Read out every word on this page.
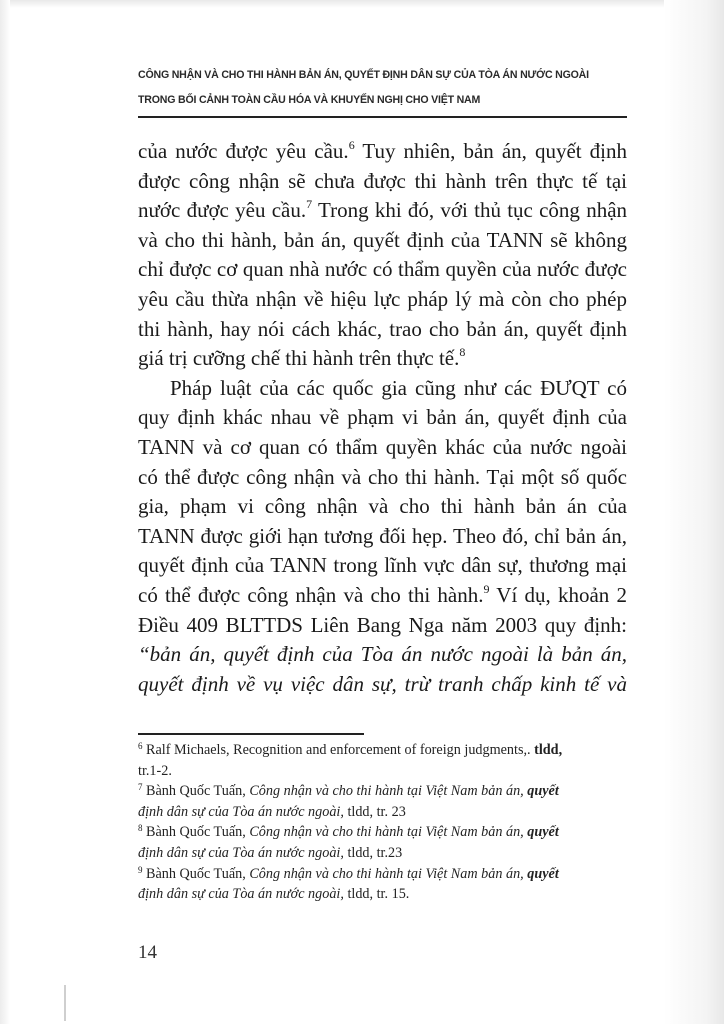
CÔNG NHẬN VÀ CHO THI HÀNH BẢN ÁN, QUYẾT ĐỊNH DÂN SỰ CỦA TÒA ÁN NƯỚC NGOÀI
TRONG BỐI CẢNH TOÀN CẦU HÓA VÀ KHUYẾN NGHỊ CHO VIỆT NAM

của nước được yêu cầu.$^6$ Tuy nhiên, bản án, quyết định
được công nhận sẽ chưa được thi hành trên thực tế tại
nước được yêu cầu.$^7$ Trong khi đó, với thủ tục công nhận
và cho thi hành, bản án, quyết định của TANN sẽ không
chỉ được cơ quan nhà nước có thẩm quyền của nước được
yêu cầu thừa nhận về hiệu lực pháp lý mà còn cho phép
thi hành, hay nói cách khác, trao cho bản án, quyết định
giá trị cưỡng chế thi hành trên thực tế.$^8$

Pháp luật của các quốc gia cũng như các ĐƯQT có
quy định khác nhau về phạm vi bản án, quyết định của
TANN và cơ quan có thẩm quyền khác của nước ngoài
có thể được công nhận và cho thi hành. Tại một số quốc
gia, phạm vi công nhận và cho thi hành bản án của
TANN được giới hạn tương đối hẹp. Theo đó, chỉ bản án,
quyết định của TANN trong lĩnh vực dân sự, thương mại
có thể được công nhận và cho thi hành.$^9$ Ví dụ, khoản 2
Điều 409 BLTTDS Liên Bang Nga năm 2003 quy định:
“bản án, quyết định của Tòa án nước ngoài là bản án,
quyết định về vụ việc dân sự, trừ tranh chấp kinh tế và

$^6$ Ralf Michaels, Recognition and enforcement of foreign judgments,. tldd,
tr.1-2.
$^7$ Bành Quốc Tuấn, Công nhận và cho thi hành tại Việt Nam bản án, quyết
định dân sự của Tòa án nước ngoài, tldd, tr. 23
$^8$ Bành Quốc Tuấn, Công nhận và cho thi hành tại Việt Nam bản án, quyết
định dân sự của Tòa án nước ngoài, tldd, tr.23
$^9$ Bành Quốc Tuấn, Công nhận và cho thi hành tại Việt Nam bản án, quyết
định dân sự của Tòa án nước ngoài, tldd, tr. 15.
14
